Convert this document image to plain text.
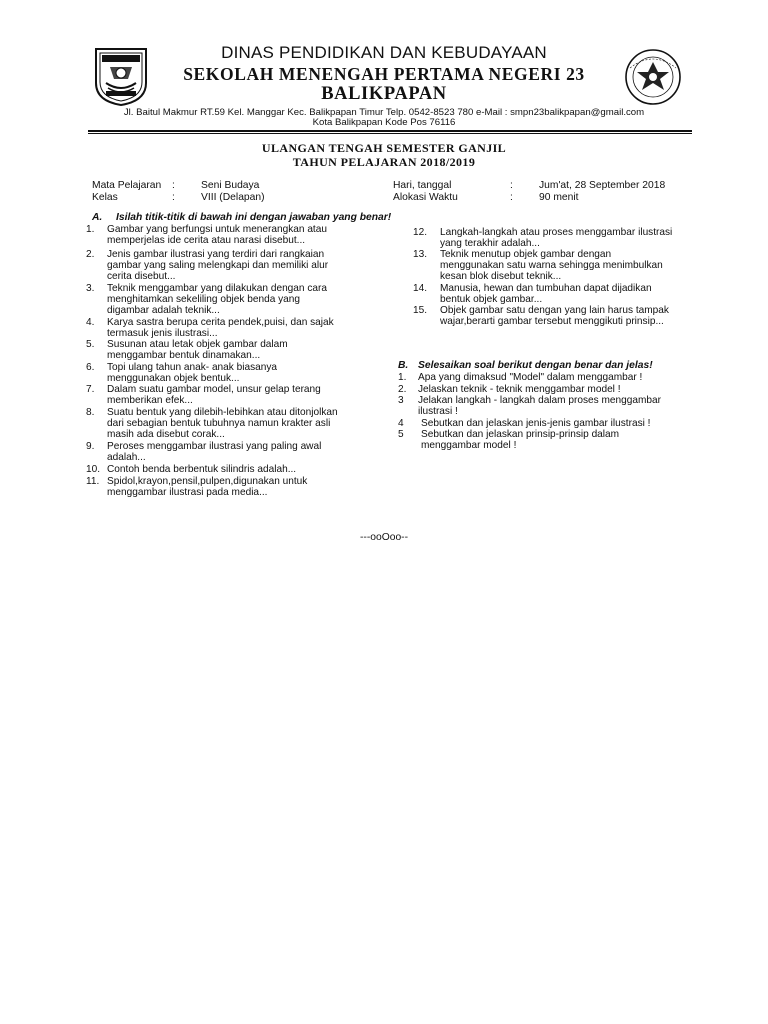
DINAS PENDIDIKAN DAN KEBUDAYAAN
SEKOLAH MENENGAH PERTAMA NEGERI 23
BALIKPAPAN
Jl. Baitul Makmur RT.59 Kel. Manggar Kec. Balikpapan Timur Telp. 0542-8523 780 e-Mail : smpn23balikpapan@gmail.com
Kota Balikpapan Kode Pos 76116
ULANGAN TENGAH SEMESTER GANJIL
TAHUN PELAJARAN 2018/2019
Mata Pelajaran :	Seni Budaya
Kelas	:	VIII (Delapan)
Hari, tanggal	:	Jum'at, 28 September 2018
Alokasi Waktu	:	90 menit
A. Isilah titik-titik di bawah ini dengan jawaban yang benar!
1. Gambar yang berfungsi untuk menerangkan atau
memperjelas ide cerita atau narasi disebut...
2. Jenis gambar ilustrasi yang terdiri dari rangkaian
gambar yang saling melengkapi dan memiliki alur
cerita disebut...
3. Teknik menggambar yang dilakukan dengan cara
menghitamkan sekeliling objek benda yang
digambar adalah teknik...
4. Karya sastra berupa cerita pendek,puisi, dan sajak
termasuk jenis ilustrasi...
5. Susunan atau letak objek gambar dalam
menggambar bentuk dinamakan...
6. Topi ulang tahun anak- anak biasanya
menggunakan objek bentuk...
7. Dalam suatu gambar model, unsur gelap terang
memberikan efek...
8. Suatu bentuk yang dilebih-lebihkan atau ditonjolkan
dari sebagian bentuk tubuhnya namun krakter asli
masih ada disebut corak...
9. Peroses menggambar ilustrasi yang paling awal
adalah...
10. Contoh benda berbentuk silindris adalah...
11. Spidol,krayon,pensil,pulpen,digunakan untuk
menggambar ilustrasi pada media...
12. Langkah-langkah atau proses menggambar ilustrasi
yang terakhir adalah...
13. Teknik menutup objek gambar dengan
menggunakan satu warna sehingga menimbulkan
kesan blok disebut teknik...
14. Manusia, hewan dan tumbuhan dapat dijadikan
bentuk objek gambar...
15. Objek gambar satu dengan yang lain harus tampak
wajar,berarti gambar tersebut menggikuti prinsip...
B. Selesaikan soal berikut dengan benar dan jelas!
1. Apa yang dimaksud "Model" dalam menggambar !
2. Jelaskan teknik - teknik menggambar model !
3 Jelakan langkah - langkah dalam proses menggambar
ilustrasi !
4 Sebutkan dan jelaskan jenis-jenis gambar ilustrasi !
5 Sebutkan dan jelaskan prinsip-prinsip dalam
menggambar model !
---ooOoo--
